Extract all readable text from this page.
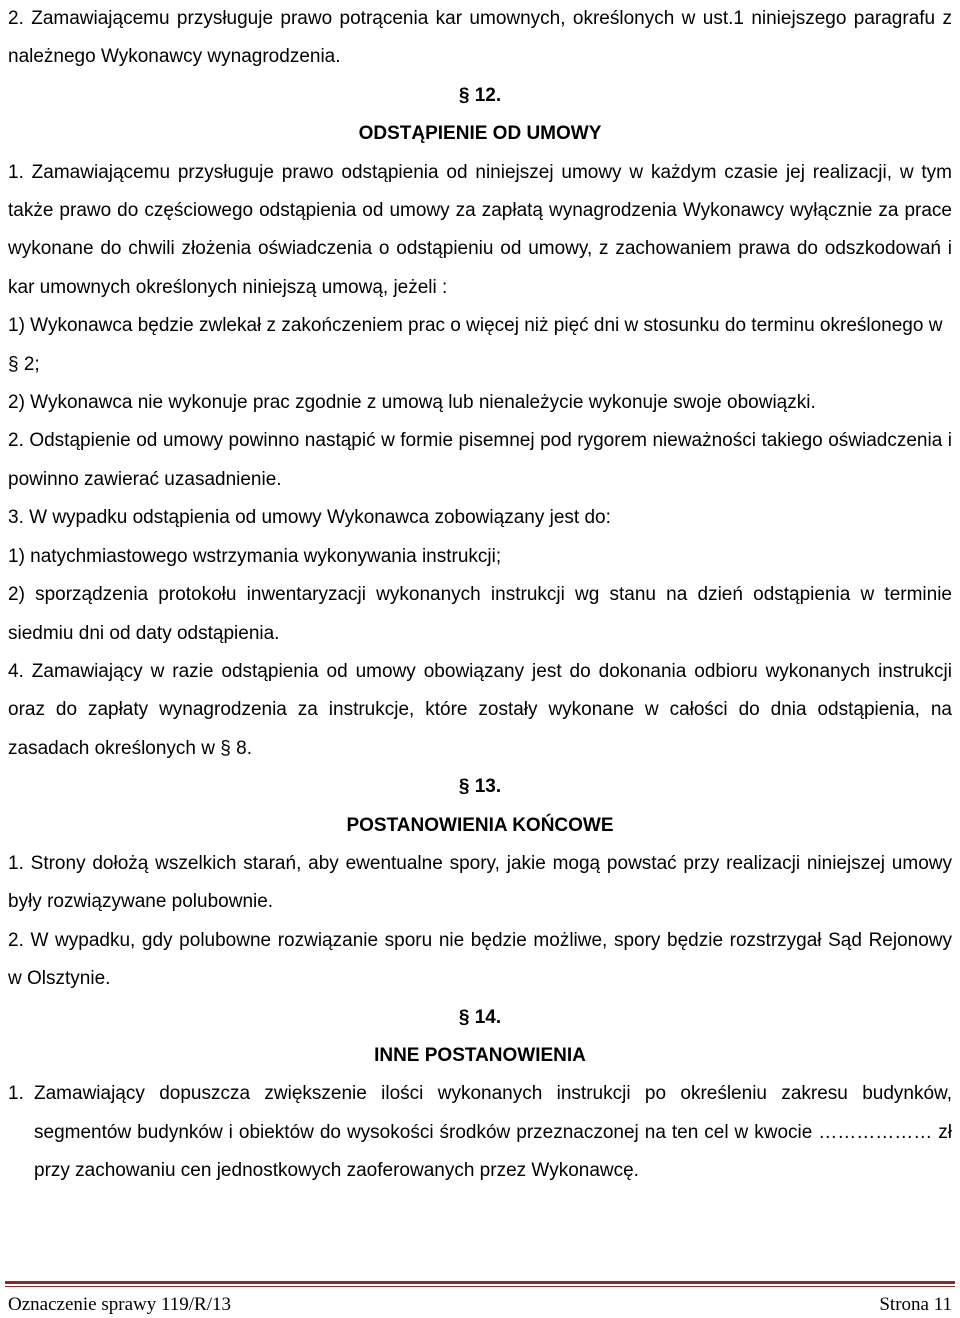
2. Zamawiającemu przysługuje prawo potrącenia kar umownych, określonych w ust.1 niniejszego paragrafu z należnego Wykonawcy wynagrodzenia.

§ 12.

ODSTĄPIENIE OD UMOWY

1. Zamawiającemu przysługuje prawo odstąpienia od niniejszej umowy w każdym czasie jej realizacji, w tym także prawo do częściowego odstąpienia od umowy za zapłatą wynagrodzenia Wykonawcy wyłącznie za prace wykonane do chwili złożenia oświadczenia o odstąpieniu od umowy, z zachowaniem prawa do odszkodowań i kar umownych określonych niniejszą umową, jeżeli :

1) Wykonawca będzie zwlekał z zakończeniem prac o więcej niż pięć dni w stosunku do terminu określonego w § 2;

2) Wykonawca nie wykonuje prac zgodnie z umową lub nienależycie wykonuje swoje obowiązki.

2. Odstąpienie od umowy powinno nastąpić w formie pisemnej pod rygorem nieważności takiego oświadczenia i powinno zawierać uzasadnienie.

3. W wypadku odstąpienia od umowy Wykonawca zobowiązany jest do:

1) natychmiastowego wstrzymania wykonywania instrukcji;

2) sporządzenia protokołu inwentaryzacji wykonanych instrukcji wg stanu na dzień odstąpienia w terminie siedmiu dni od daty odstąpienia.

4. Zamawiający w razie odstąpienia od umowy obowiązany jest do dokonania odbioru wykonanych instrukcji oraz do zapłaty wynagrodzenia za instrukcje, które zostały wykonane w całości do dnia odstąpienia, na zasadach określonych w § 8.

§ 13.

POSTANOWIENIA KOŃCOWE

1. Strony dołożą wszelkich starań, aby ewentualne spory, jakie mogą powstać przy realizacji niniejszej umowy były rozwiązywane polubownie.

2. W wypadku, gdy polubowne rozwiązanie sporu nie będzie możliwe, spory będzie rozstrzygał Sąd Rejonowy w Olsztynie.

§ 14.

INNE POSTANOWIENIA

1. Zamawiający dopuszcza zwiększenie ilości wykonanych instrukcji po określeniu zakresu budynków, segmentów budynków i obiektów do wysokości środków przeznaczonej na ten cel w kwocie ……………… zł przy zachowaniu cen jednostkowych zaoferowanych przez Wykonawcę.

Oznaczenie sprawy 119/R/13	Strona 11
